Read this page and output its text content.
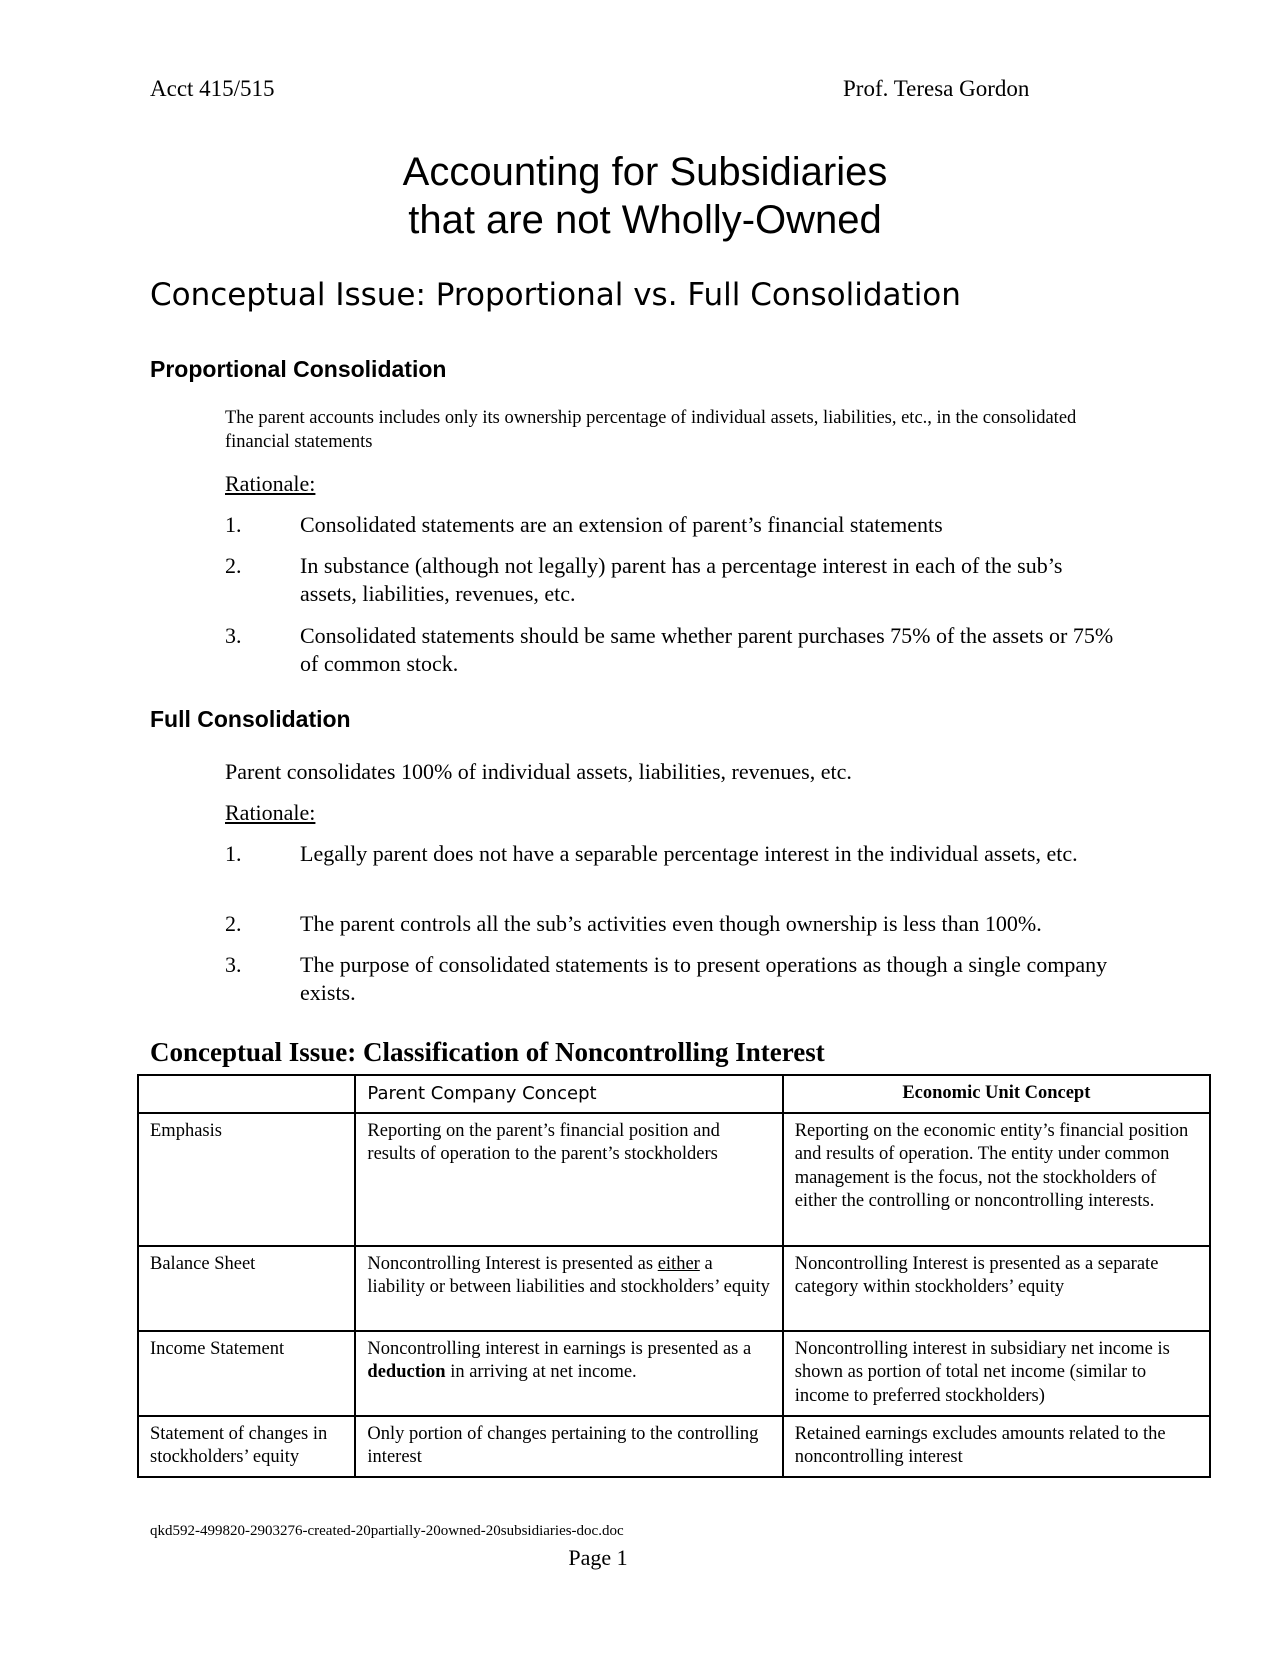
Acct 415/515	Prof. Teresa Gordon
Accounting for Subsidiaries
that are not Wholly-Owned
Conceptual Issue: Proportional vs. Full Consolidation
Proportional Consolidation
The parent accounts includes only its ownership percentage of individual assets, liabilities, etc., in the consolidated financial statements
Rationale:
1.	Consolidated statements are an extension of parent’s financial statements
2.	In substance (although not legally) parent has a percentage interest in each of the sub’s assets, liabilities, revenues, etc.
3.	Consolidated statements should be same whether parent purchases 75% of the assets or 75% of common stock.
Full Consolidation
Parent consolidates 100% of individual assets, liabilities, revenues, etc.
Rationale:
1.	Legally parent does not have a separable percentage interest in the individual assets, etc.
2.	The parent controls all the sub’s activities even though ownership is less than 100%.
3.	The purpose of consolidated statements is to present operations as though a single company exists.
Conceptual Issue: Classification of Noncontrolling Interest
	Parent Company Concept	Economic Unit Concept
Emphasis	Reporting on the parent’s financial position and results of operation to the parent’s stockholders	Reporting on the economic entity’s financial position and results of operation. The entity under common management is the focus, not the stockholders of either the controlling or noncontrolling interests.
Balance Sheet	Noncontrolling Interest is presented as either a liability or between liabilities and stockholders’ equity	Noncontrolling Interest is presented as a separate category within stockholders’ equity
Income Statement	Noncontrolling interest in earnings is presented as a deduction in arriving at net income.	Noncontrolling interest in subsidiary net income is shown as portion of total net income (similar to income to preferred stockholders)
Statement of changes in stockholders’ equity	Only portion of changes pertaining to the controlling interest	Retained earnings excludes amounts related to the noncontrolling interest
qkd592-499820-2903276-created-20partially-20owned-20subsidiaries-doc.doc
Page 1
